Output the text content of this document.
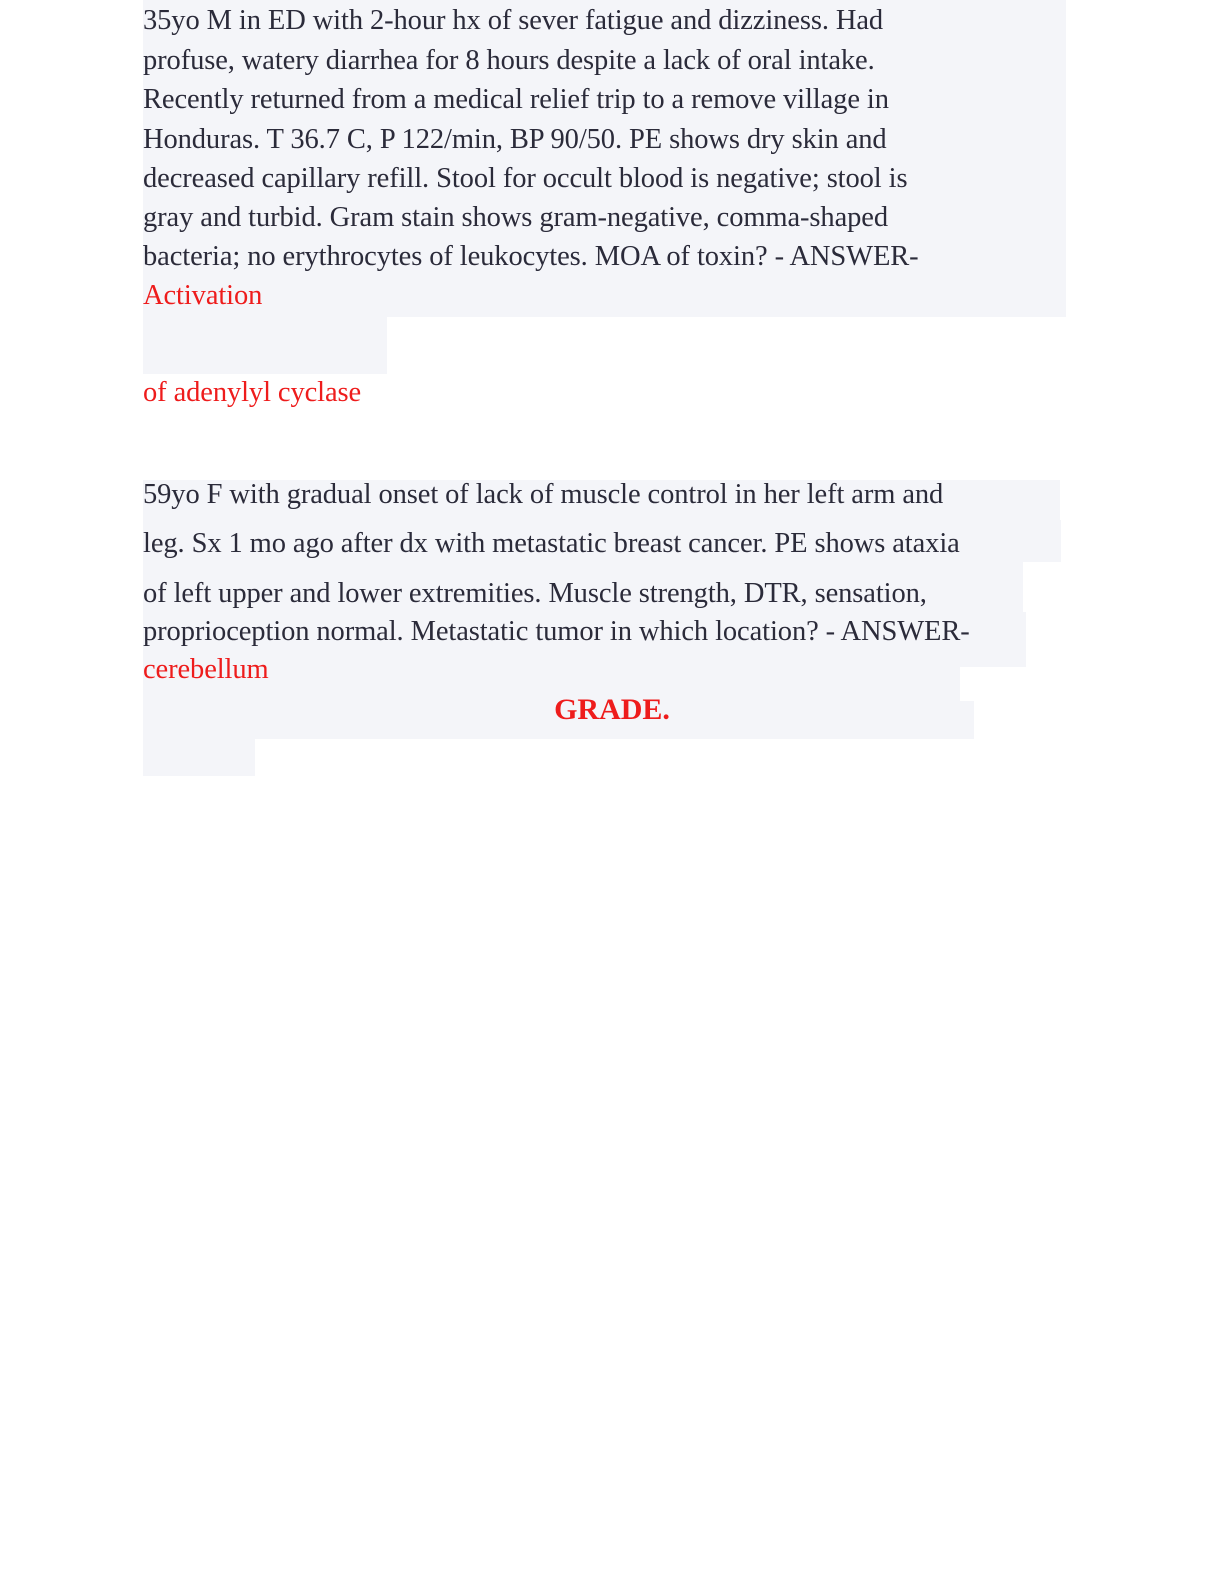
35yo M in ED with 2-hour hx of sever fatigue and dizziness. Had
profuse, watery diarrhea for 8 hours despite a lack of oral intake.
Recently returned from a medical relief trip to a remove village in
Honduras. T 36.7 C, P 122/min, BP 90/50. PE shows dry skin and
decreased capillary refill. Stool for occult blood is negative; stool is
gray and turbid. Gram stain shows gram-negative, comma-shaped
bacteria; no erythrocytes of leukocytes. MOA of toxin? - ANSWER-
Activation
of adenylyl cyclase
59yo F with gradual onset of lack of muscle control in her left arm and
leg. Sx 1 mo ago after dx with metastatic breast cancer. PE shows ataxia
of left upper and lower extremities. Muscle strength, DTR, sensation,
proprioception normal. Metastatic tumor in which location? - ANSWER-
cerebellum
GRADE.
